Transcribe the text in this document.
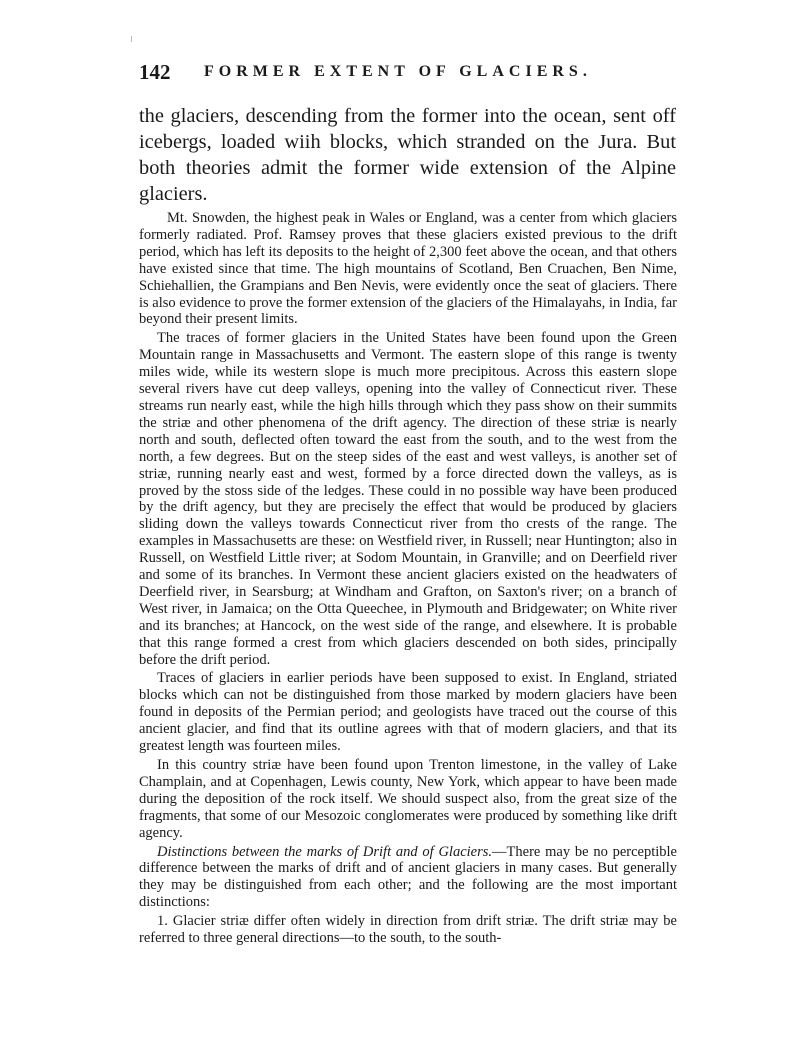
142 FORMER EXTENT OF GLACIERS.

the glaciers, descending from the former into the ocean, sent off icebergs, loaded wiih blocks, which stranded on the Jura. But both theories admit the former wide extension of the Alpine glaciers.

Mt. Snowden, the highest peak in Wales or England, was a center from which glaciers formerly radiated. Prof. Ramsey proves that these glaciers existed previous to the drift period, which has left its deposits to the height of 2,300 feet above the ocean, and that others have existed since that time. The high mountains of Scotland, Ben Cruachen, Ben Nime, Schiehallien, the Grampians and Ben Nevis, were evidently once the seat of glaciers. There is also evidence to prove the former extension of the glaciers of the Himalayahs, in India, far beyond their present limits.

The traces of former glaciers in the United States have been found upon the Green Mountain range in Massachusetts and Vermont. The eastern slope of this range is twenty miles wide, while its western slope is much more precipitous. Across this eastern slope several rivers have cut deep valleys, opening into the valley of Connecticut river. These streams run nearly east, while the high hills through which they pass show on their summits the striæ and other phenomena of the drift agency. The direction of these striæ is nearly north and south, deflected often toward the east from the south, and to the west from the north, a few degrees. But on the steep sides of the east and west valleys, is another set of striæ, running nearly east and west, formed by a force directed down the valleys, as is proved by the stoss side of the ledges. These could in no possible way have been produced by the drift agency, but they are precisely the effect that would be produced by glaciers sliding down the valleys towards Connecticut river from tho crests of the range. The examples in Massachusetts are these: on Westfield river, in Russell; near Huntington; also in Russell, on Westfield Little river; at Sodom Mountain, in Granville; and on Deerfield river and some of its branches. In Vermont these ancient glaciers existed on the headwaters of Deerfield river, in Searsburg; at Windham and Grafton, on Saxton's river; on a branch of West river, in Jamaica; on the Otta Queechee, in Plymouth and Bridgewater; on White river and its branches; at Hancock, on the west side of the range, and elsewhere. It is probable that this range formed a crest from which glaciers descended on both sides, principally before the drift period.

Traces of glaciers in earlier periods have been supposed to exist. In England, striated blocks which can not be distinguished from those marked by modern glaciers have been found in deposits of the Permian period; and geologists have traced out the course of this ancient glacier, and find that its outline agrees with that of modern glaciers, and that its greatest length was fourteen miles.

In this country striæ have been found upon Trenton limestone, in the valley of Lake Champlain, and at Copenhagen, Lewis county, New York, which appear to have been made during the deposition of the rock itself. We should suspect also, from the great size of the fragments, that some of our Mesozoic conglomerates were produced by something like drift agency.

Distinctions between the marks of Drift and of Glaciers.—There may be no perceptible difference between the marks of drift and of ancient glaciers in many cases. But generally they may be distinguished from each other; and the following are the most important distinctions:

1. Glacier striæ differ often widely in direction from drift striæ. The drift striæ may be referred to three general directions—to the south, to the south-
